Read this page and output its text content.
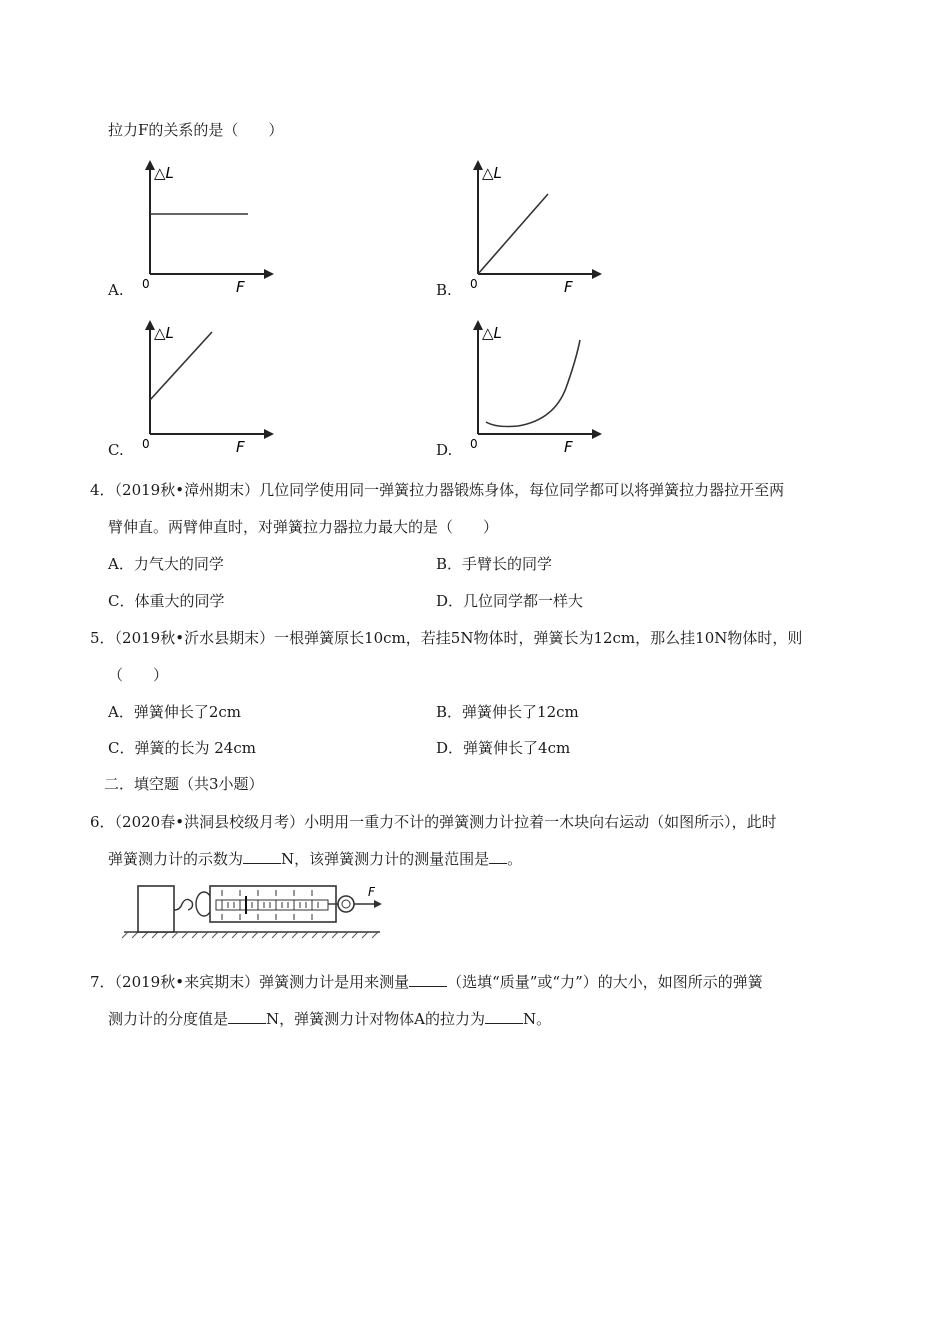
拉力F的关系的是（　　）
△L
F
0
A.
△L
F
0
B.
△L
F
0
C.
△L
F
0
D.
4．（2019秋•漳州期末）几位同学使用同一弹簧拉力器锻炼身体，每位同学都可以将弹簧拉力器拉开至两
臂伸直。两臂伸直时，对弹簧拉力器拉力最大的是（　　）
A．力气大的同学	B．手臂长的同学
C．体重大的同学	D．几位同学都一样大
5．（2019秋•沂水县期末）一根弹簧原长10cm，若挂5N物体时，弹簧长为12cm，那么挂10N物体时，则
（　　）
A．弹簧伸长了2cm	B．弹簧伸长了12cm
C．弹簧的长为 24cm	D．弹簧伸长了4cm
二．填空题（共3小题）
6．（2020春•洪洞县校级月考）小明用一重力不计的弹簧测力计拉着一木块向右运动（如图所示），此时
弹簧测力计的示数为	N，该弹簧测力计的测量范围是 。
F
7．（2019秋•来宾期末）弹簧测力计是用来测量	（选填“质量”或“力”）的大小，如图所示的弹簧
测力计的分度值是	N，弹簧测力计对物体A的拉力为	N。
